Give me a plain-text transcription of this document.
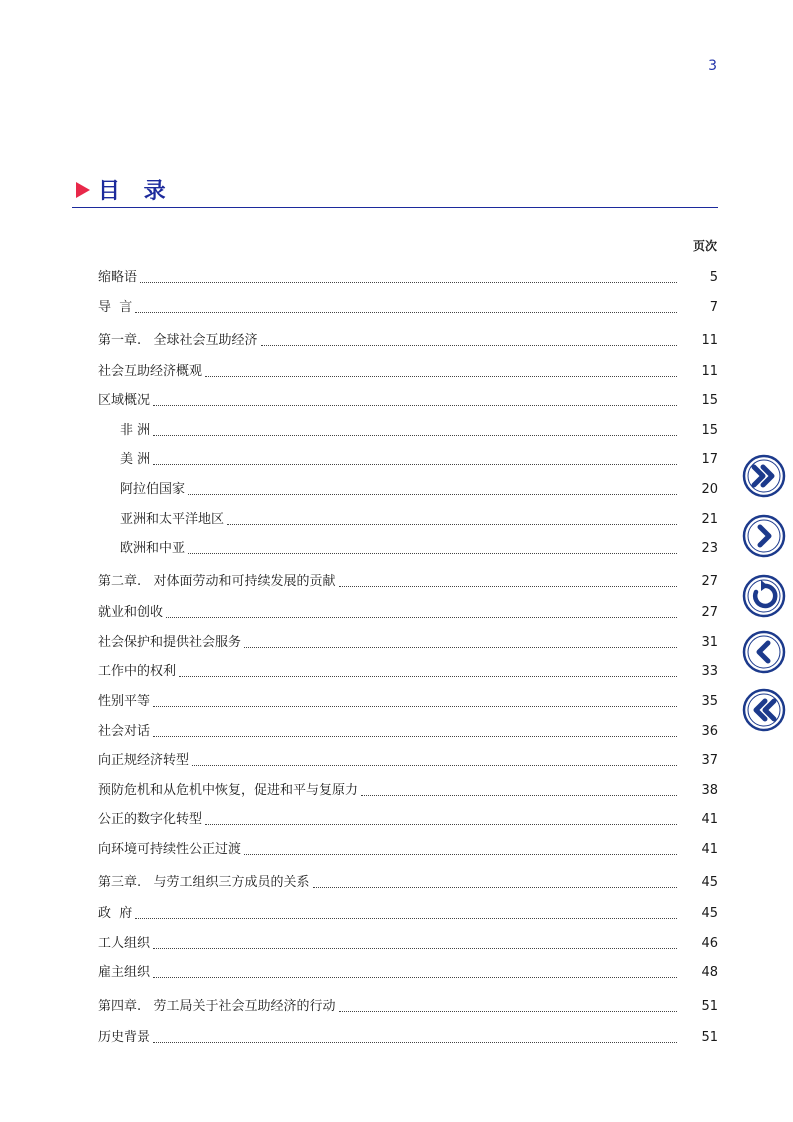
3
目 录
页次
缩略语	5
导  言	7
第一章.   全球社会互助经济	11
社会互助经济概观	11
区域概况	15
非 洲	15
美 洲	17
阿拉伯国家	20
亚洲和太平洋地区	21
欧洲和中亚	23
第二章.   对体面劳动和可持续发展的贡献	27
就业和创收	27
社会保护和提供社会服务	31
工作中的权利	33
性别平等	35
社会对话	36
向正规经济转型	37
预防危机和从危机中恢复，促进和平与复原力	38
公正的数字化转型	41
向环境可持续性公正过渡	41
第三章.   与劳工组织三方成员的关系	45
政  府	45
工人组织	46
雇主组织	48
第四章.   劳工局关于社会互助经济的行动	51
历史背景	51
